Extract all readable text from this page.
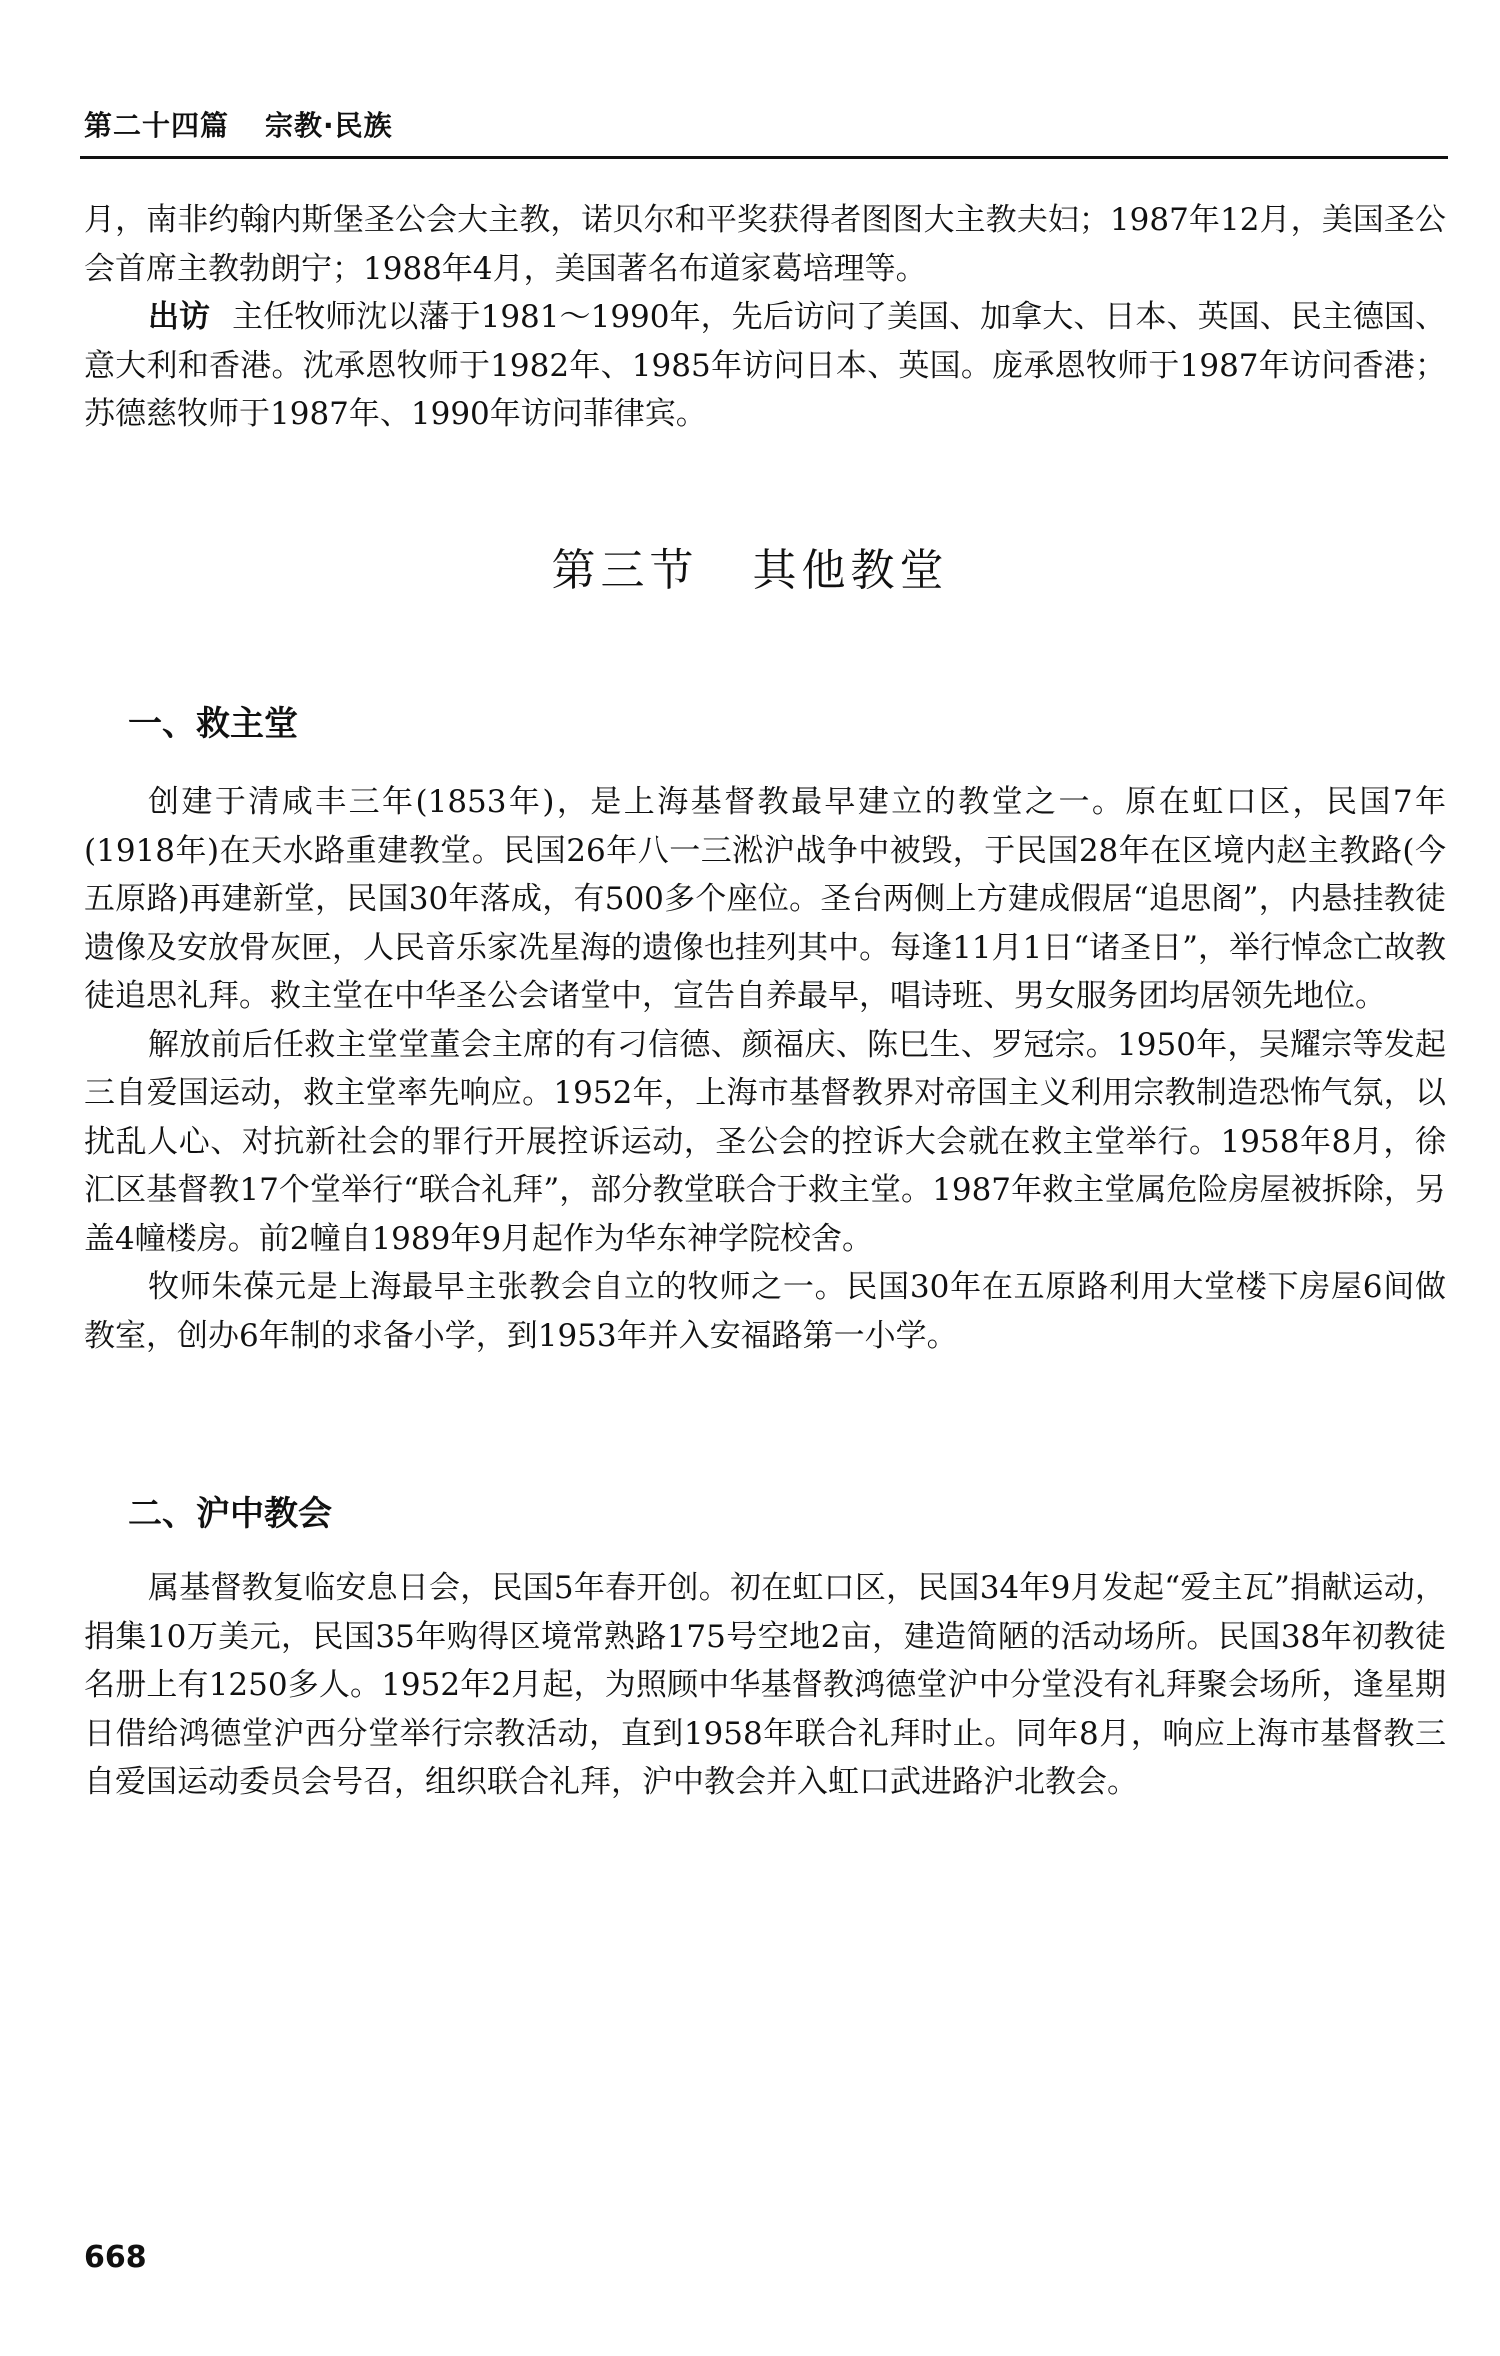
第二十四篇 宗教·民族

月，南非约翰内斯堡圣公会大主教，诺贝尔和平奖获得者图图大主教夫妇；1987年12月，美国圣公会首席主教勃朗宁；1988年4月，美国著名布道家葛培理等。

出访 主任牧师沈以藩于1981～1990年，先后访问了美国、加拿大、日本、英国、民主德国、意大利和香港。沈承恩牧师于1982年、1985年访问日本、英国。庞承恩牧师于1987年访问香港；苏德慈牧师于1987年、1990年访问菲律宾。

第三节 其他教堂
一、救主堂

创建于清咸丰三年(1853年)，是上海基督教最早建立的教堂之一。原在虹口区，民国7年(1918年)在天水路重建教堂。民国26年八一三淞沪战争中被毁，于民国28年在区境内赵主教路(今五原路)再建新堂，民国30年落成，有500多个座位。圣台两侧上方建成假居“追思阁”，内悬挂教徒遗像及安放骨灰匣，人民音乐家冼星海的遗像也挂列其中。每逢11月1日“诸圣日”，举行悼念亡故教徒追思礼拜。救主堂在中华圣公会诸堂中，宣告自养最早，唱诗班、男女服务团均居领先地位。

解放前后任救主堂堂董会主席的有刁信德、颜福庆、陈巳生、罗冠宗。1950年，吴耀宗等发起三自爱国运动，救主堂率先响应。1952年，上海市基督教界对帝国主义利用宗教制造恐怖气氛，以扰乱人心、对抗新社会的罪行开展控诉运动，圣公会的控诉大会就在救主堂举行。1958年8月，徐汇区基督教17个堂举行“联合礼拜”，部分教堂联合于救主堂。1987年救主堂属危险房屋被拆除，另盖4幢楼房。前2幢自1989年9月起作为华东神学院校舍。

牧师朱葆元是上海最早主张教会自立的牧师之一。民国30年在五原路利用大堂楼下房屋6间做教室，创办6年制的求备小学，到1953年并入安福路第一小学。

二、沪中教会

属基督教复临安息日会，民国5年春开创。初在虹口区，民国34年9月发起“爱主瓦”捐献运动，捐集10万美元，民国35年购得区境常熟路175号空地2亩，建造简陋的活动场所。民国38年初教徒名册上有1250多人。1952年2月起，为照顾中华基督教鸿德堂沪中分堂没有礼拜聚会场所，逢星期日借给鸿德堂沪西分堂举行宗教活动，直到1958年联合礼拜时止。同年8月，响应上海市基督教三自爱国运动委员会号召，组织联合礼拜，沪中教会并入虹口武进路沪北教会。

668
